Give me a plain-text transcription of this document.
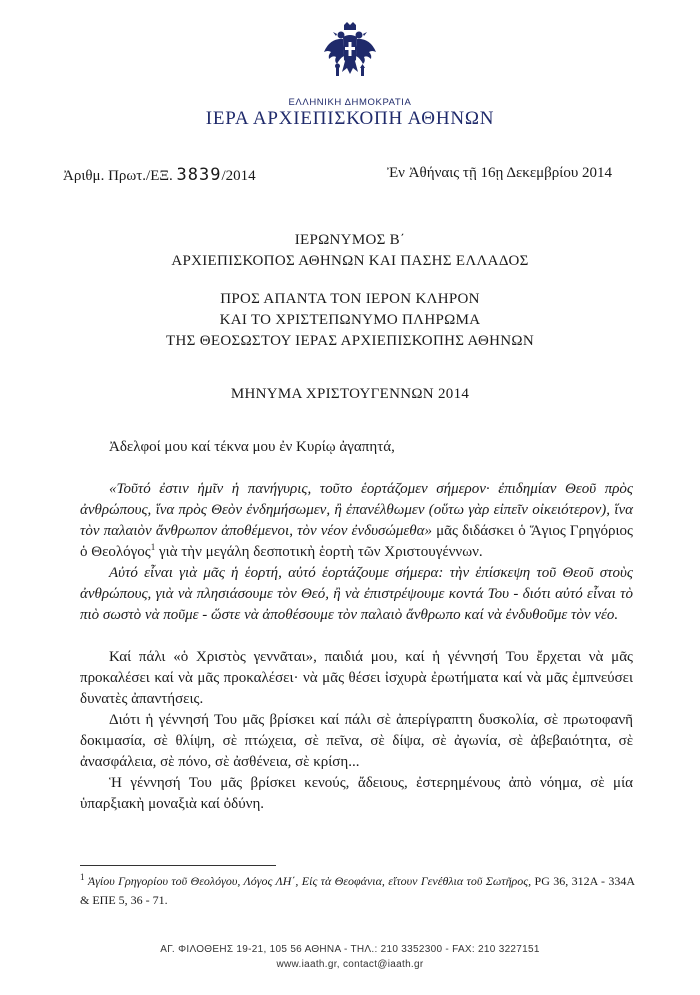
ΕΛΛΗΝΙΚΗ ΔΗΜΟΚΡΑΤΙΑ
ΙΕΡΑ ΑΡΧΙΕΠΙΣΚΟΠΗ ΑΘΗΝΩΝ
Ἀριθμ. Πρωτ./ΕΞ. 3839/2014	Ἐν Ἀθήναις τῇ 16ῃ Δεκεμβρίου 2014
ΙΕΡΩΝΥΜΟΣ Β΄
ΑΡΧΙΕΠΙΣΚΟΠΟΣ ΑΘΗΝΩΝ ΚΑΙ ΠΑΣΗΣ ΕΛΛΑΔΟΣ
ΠΡΟΣ ΑΠΑΝΤΑ ΤΟΝ ΙΕΡΟΝ ΚΛΗΡΟΝ
ΚΑΙ ΤΟ ΧΡΙΣΤΕΠΩΝΥΜΟ ΠΛΗΡΩΜΑ
ΤΗΣ ΘΕΟΣΩΣΤΟΥ ΙΕΡΑΣ ΑΡΧΙΕΠΙΣΚΟΠΗΣ ΑΘΗΝΩΝ
ΜΗΝΥΜΑ ΧΡΙΣΤΟΥΓΕΝΝΩΝ 2014

Ἀδελφοί μου καί τέκνα μου ἐν Κυρίῳ ἀγαπητά,

«Τοῦτό ἐστιν ἡμῖν ἡ πανήγυρις, τοῦτο ἑορτάζομεν σήμερον· ἐπιδημίαν Θεοῦ πρὸς ἀνθρώπους, ἵνα πρὸς Θεὸν ἐνδημήσωμεν, ἢ ἐπανέλθωμεν (οὕτω γὰρ εἰπεῖν οἰκειότερον), ἵνα τὸν παλαιὸν ἄνθρωπον ἀποθέμενοι, τὸν νέον ἐνδυσώμεθα» μᾶς διδάσκει ὁ Ἅγιος Γρηγόριος ὁ Θεολόγος$^1$ γιὰ τὴν μεγάλη δεσποτικὴ ἑορτὴ τῶν Χριστουγέννων.

Αὐτό εἶναι γιὰ μᾶς ἡ ἑορτή, αὐτό ἑορτάζουμε σήμερα: τὴν ἐπίσκεψη τοῦ Θεοῦ στοὺς ἀνθρώπους, γιὰ νὰ πλησιάσουμε τὸν Θεό, ἢ νὰ ἐπιστρέψουμε κοντά Του - διότι αὐτό εἶναι τὸ πιὸ σωστὸ νὰ ποῦμε - ὥστε νὰ ἀποθέσουμε τὸν παλαιὸ ἄνθρωπο καί νὰ ἐνδυθοῦμε τὸν νέο.

Καί πάλι «ὁ Χριστὸς γεννᾶται», παιδιά μου, καί ἡ γέννησή Του ἔρχεται νὰ μᾶς προκαλέσει καί νὰ μᾶς προκαλέσει· νὰ μᾶς θέσει ἰσχυρὰ ἐρωτήματα καί νὰ μᾶς ἐμπνεύσει δυνατὲς ἀπαντήσεις.

Διότι ἡ γέννησή Του μᾶς βρίσκει καί πάλι σὲ ἀπερίγραπτη δυσκολία, σὲ πρωτοφανῆ δοκιμασία, σὲ θλίψη, σὲ πτώχεια, σὲ πεῖνα, σὲ δίψα, σὲ ἀγωνία, σὲ ἀβεβαιότητα, σὲ ἀνασφάλεια, σὲ πόνο, σὲ ἀσθένεια, σὲ κρίση...

Ἡ γέννησή Του μᾶς βρίσκει κενούς, ἄδειους, ἐστερημένους ἀπὸ νόημα, σὲ μία ὑπαρξιακὴ μοναξιὰ καί ὀδύνη.

$^1$ Ἁγίου Γρηγορίου τοῦ Θεολόγου, Λόγος ΛΗ΄, Εἰς τὰ Θεοφάνια, εἴτουν Γενέθλια τοῦ Σωτῆρος, PG 36, 312Α - 334Α & ΕΠΕ 5, 36 - 71.
ΑΓ. ΦΙΛΟΘΕΗΣ 19-21, 105 56 ΑΘΗΝΑ - ΤΗΛ.: 210 3352300 - FAX: 210 3227151
www.iaath.gr, contact@iaath.gr
